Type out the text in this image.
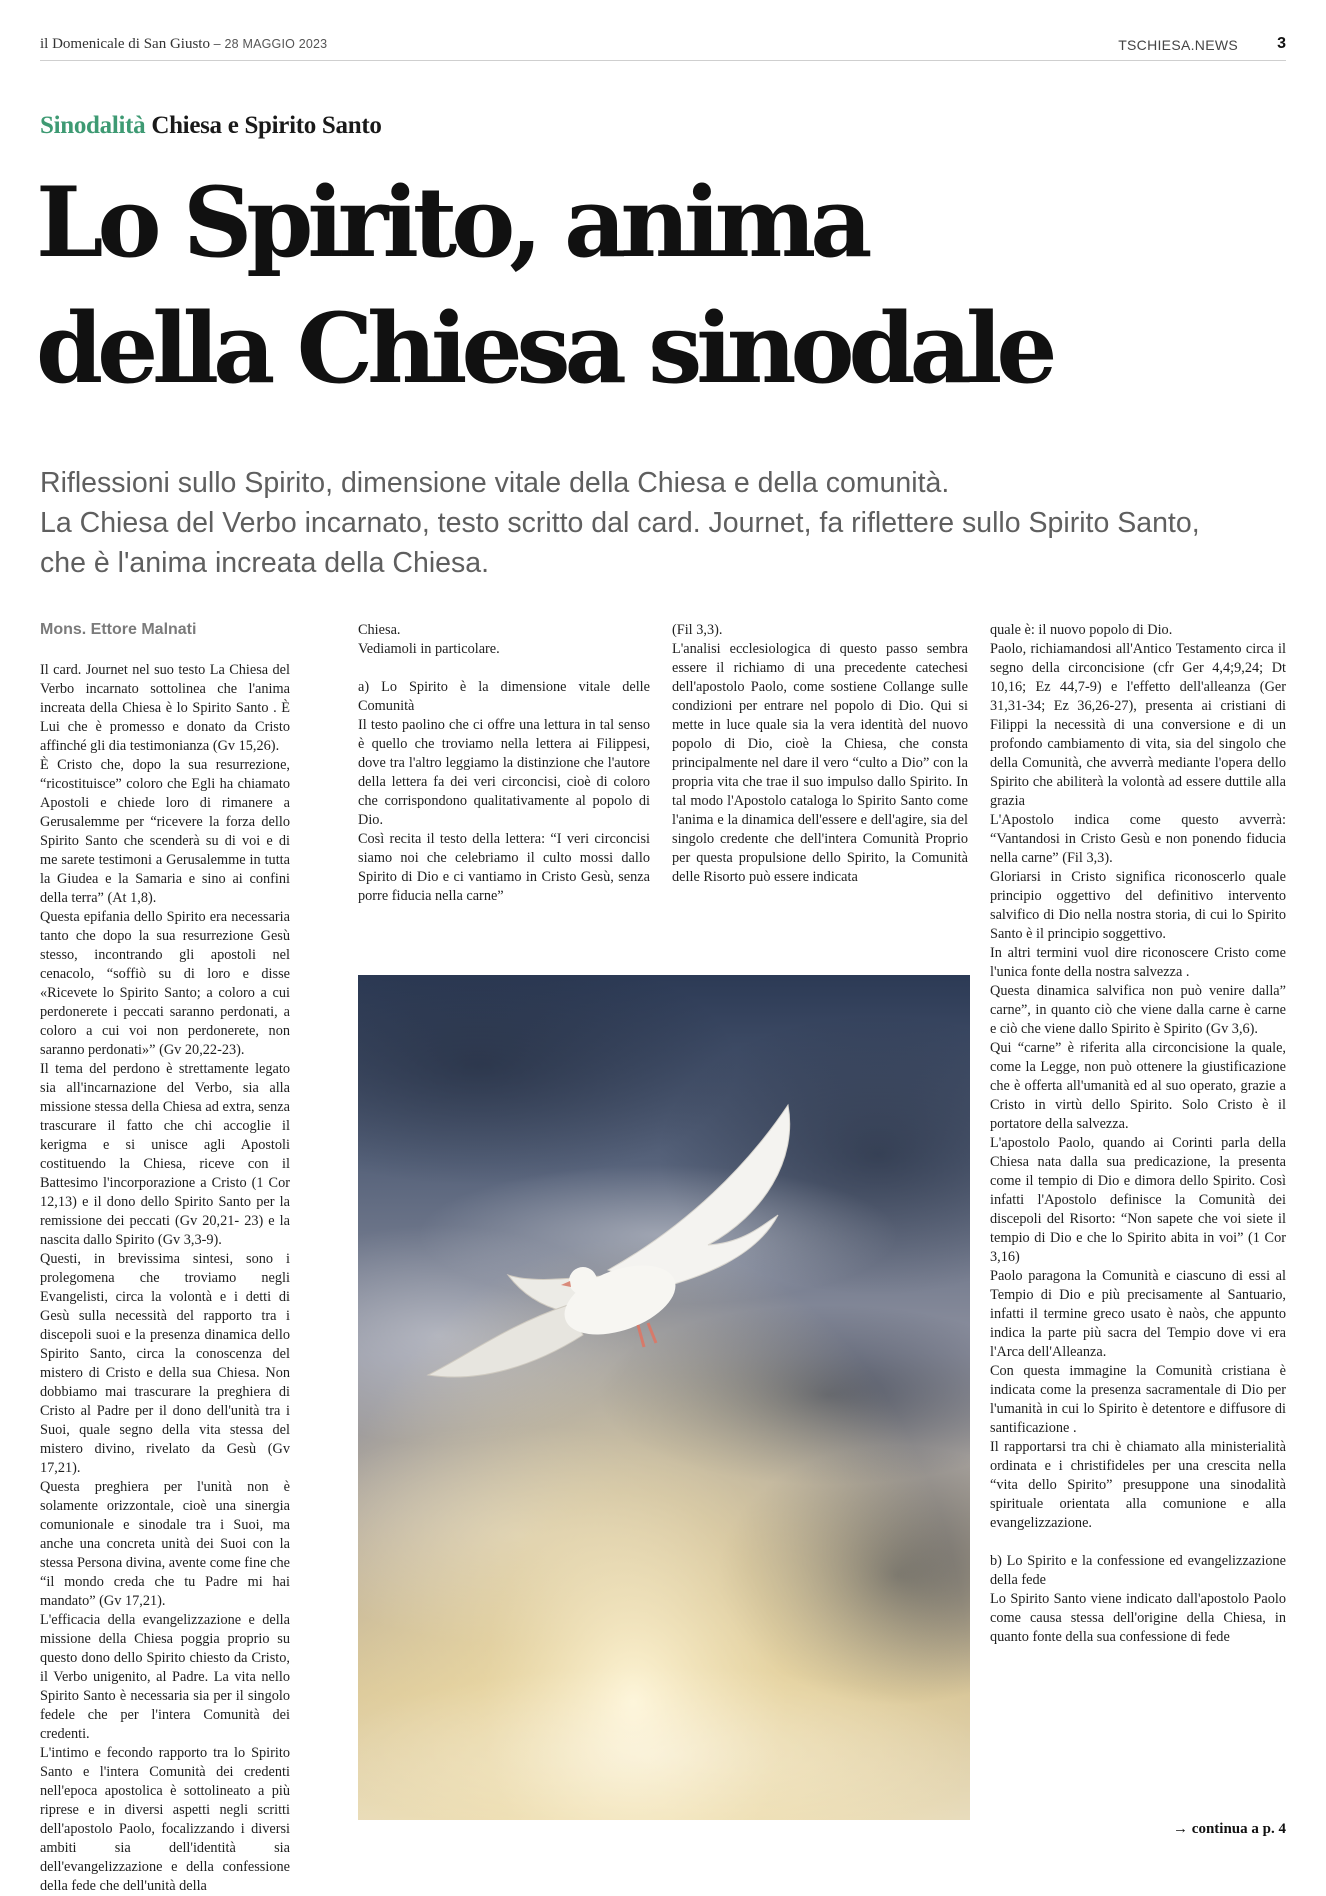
il Domenicale di San Giusto – 28 MAGGIO 2023	TSCHIESA.NEWS 3
Sinodalità Chiesa e Spirito Santo
Lo Spirito, anima
della Chiesa sinodale
Riflessioni sullo Spirito, dimensione vitale della Chiesa e della comunità.
La Chiesa del Verbo incarnato, testo scritto dal card. Journet, fa riflettere sullo Spirito Santo,
che è l'anima increata della Chiesa.
Mons. Ettore Malnati

Il card. Journet nel suo testo La Chiesa del Verbo incarnato sottolinea che l'anima increata della Chiesa è lo Spirito Santo . È Lui che è promesso e donato da Cristo affinché gli dia testimonianza (Gv 15,26).

È Cristo che, dopo la sua resurrezione, “ricostituisce” coloro che Egli ha chiamato Apostoli e chiede loro di rimanere a Gerusalemme per “ricevere la forza dello Spirito Santo che scenderà su di voi e di me sarete testimoni a Gerusalemme in tutta la Giudea e la Samaria e sino ai confini della terra” (At 1,8).

Questa epifania dello Spirito era necessaria tanto che dopo la sua resurrezione Gesù stesso, incontrando gli apostoli nel cenacolo, “soffiò su di loro e disse «Ricevete lo Spirito Santo; a coloro a cui perdonerete i peccati saranno perdonati, a coloro a cui voi non perdonerete, non saranno perdonati»” (Gv 20,22-23).

Il tema del perdono è strettamente legato sia all'incarnazione del Verbo, sia alla missione stessa della Chiesa ad extra, senza trascurare il fatto che chi accoglie il kerigma e si unisce agli Apostoli costituendo la Chiesa, riceve con il Battesimo l'incorporazione a Cristo (1 Cor 12,13) e il dono dello Spirito Santo per la remissione dei peccati (Gv 20,21- 23) e la nascita dallo Spirito (Gv 3,3-9).

Questi, in brevissima sintesi, sono i prolegomena che troviamo negli Evangelisti, circa la volontà e i detti di Gesù sulla necessità del rapporto tra i discepoli suoi e la presenza dinamica dello Spirito Santo, circa la conoscenza del mistero di Cristo e della sua Chiesa. Non dobbiamo mai trascurare la preghiera di Cristo al Padre per il dono dell'unità tra i Suoi, quale segno della vita stessa del mistero divino, rivelato da Gesù (Gv 17,21).

Questa preghiera per l'unità non è solamente orizzontale, cioè una sinergia comunionale e sinodale tra i Suoi, ma anche una concreta unità dei Suoi con la stessa Persona divina, avente come fine che “il mondo creda che tu Padre mi hai mandato” (Gv 17,21).

L'efficacia della evangelizzazione e della missione della Chiesa poggia proprio su questo dono dello Spirito chiesto da Cristo, il Verbo unigenito, al Padre. La vita nello Spirito Santo è necessaria sia per il singolo fedele che per l'intera Comunità dei credenti.

L'intimo e fecondo rapporto tra lo Spirito Santo e l'intera Comunità dei credenti nell'epoca apostolica è sottolineato a più riprese e in diversi aspetti negli scritti dell'apostolo Paolo, focalizzando i diversi ambiti sia dell'identità sia dell'evangelizzazione e della confessione della fede che dell'unità della

Chiesa.

Vediamoli in particolare.

a) Lo Spirito è la dimensione vitale delle Comunità

Il testo paolino che ci offre una lettura in tal senso è quello che troviamo nella lettera ai Filippesi, dove tra l'altro leggiamo la distinzione che l'autore della lettera fa dei veri circoncisi, cioè di coloro che corrispondono qualitativamente al popolo di Dio.

Così recita il testo della lettera: “I veri circoncisi siamo noi che celebriamo il culto mossi dallo Spirito di Dio e ci vantiamo in Cristo Gesù, senza porre fiducia nella carne”

(Fil 3,3).

L'analisi ecclesiologica di questo passo sembra essere il richiamo di una precedente catechesi dell'apostolo Paolo, come sostiene Collange sulle condizioni per entrare nel popolo di Dio. Qui si mette in luce quale sia la vera identità del nuovo popolo di Dio, cioè la Chiesa, che consta principalmente nel dare il vero “culto a Dio” con la propria vita che trae il suo impulso dallo Spirito. In tal modo l'Apostolo cataloga lo Spirito Santo come l'anima e la dinamica dell'essere e dell'agire, sia del singolo credente che dell'intera Comunità Proprio per questa propulsione dello Spirito, la Comunità delle Risorto può essere indicata

quale è: il nuovo popolo di Dio.

Paolo, richiamandosi all'Antico Testamento circa il segno della circoncisione (cfr Ger 4,4;9,24; Dt 10,16; Ez 44,7-9) e l'effetto dell'alleanza (Ger 31,31-34; Ez 36,26-27), presenta ai cristiani di Filippi la necessità di una conversione e di un profondo cambiamento di vita, sia del singolo che della Comunità, che avverrà mediante l'opera dello Spirito che abiliterà la volontà ad essere duttile alla grazia

L'Apostolo indica come questo avverrà: “Vantandosi in Cristo Gesù e non ponendo fiducia nella carne” (Fil 3,3).

Gloriarsi in Cristo significa riconoscerlo quale principio oggettivo del definitivo intervento salvifico di Dio nella nostra storia, di cui lo Spirito Santo è il principio soggettivo.

In altri termini vuol dire riconoscere Cristo come l'unica fonte della nostra salvezza .

Questa dinamica salvifica non può venire dalla” carne”, in quanto ciò che viene dalla carne è carne e ciò che viene dallo Spirito è Spirito (Gv 3,6).

Qui “carne” è riferita alla circoncisione la quale, come la Legge, non può ottenere la giustificazione che è offerta all'umanità ed al suo operato, grazie a Cristo in virtù dello Spirito. Solo Cristo è il portatore della salvezza.

L'apostolo Paolo, quando ai Corinti parla della Chiesa nata dalla sua predicazione, la presenta come il tempio di Dio e dimora dello Spirito. Così infatti l'Apostolo definisce la Comunità dei discepoli del Risorto: “Non sapete che voi siete il tempio di Dio e che lo Spirito abita in voi” (1 Cor 3,16)

Paolo paragona la Comunità e ciascuno di essi al Tempio di Dio e più precisamente al Santuario, infatti il termine greco usato è naòs, che appunto indica la parte più sacra del Tempio dove vi era l'Arca dell'Alleanza.

Con questa immagine la Comunità cristiana è indicata come la presenza sacramentale di Dio per l'umanità in cui lo Spirito è detentore e diffusore di santificazione .

Il rapportarsi tra chi è chiamato alla ministerialità ordinata e i christifideles per una crescita nella “vita dello Spirito” presuppone una sinodalità spirituale orientata alla comunione e alla evangelizzazione.

b) Lo Spirito e la confessione ed evangelizzazione della fede

Lo Spirito Santo viene indicato dall'apostolo Paolo come causa stessa dell'origine della Chiesa, in quanto fonte della sua confessione di fede

→ continua a p. 4
